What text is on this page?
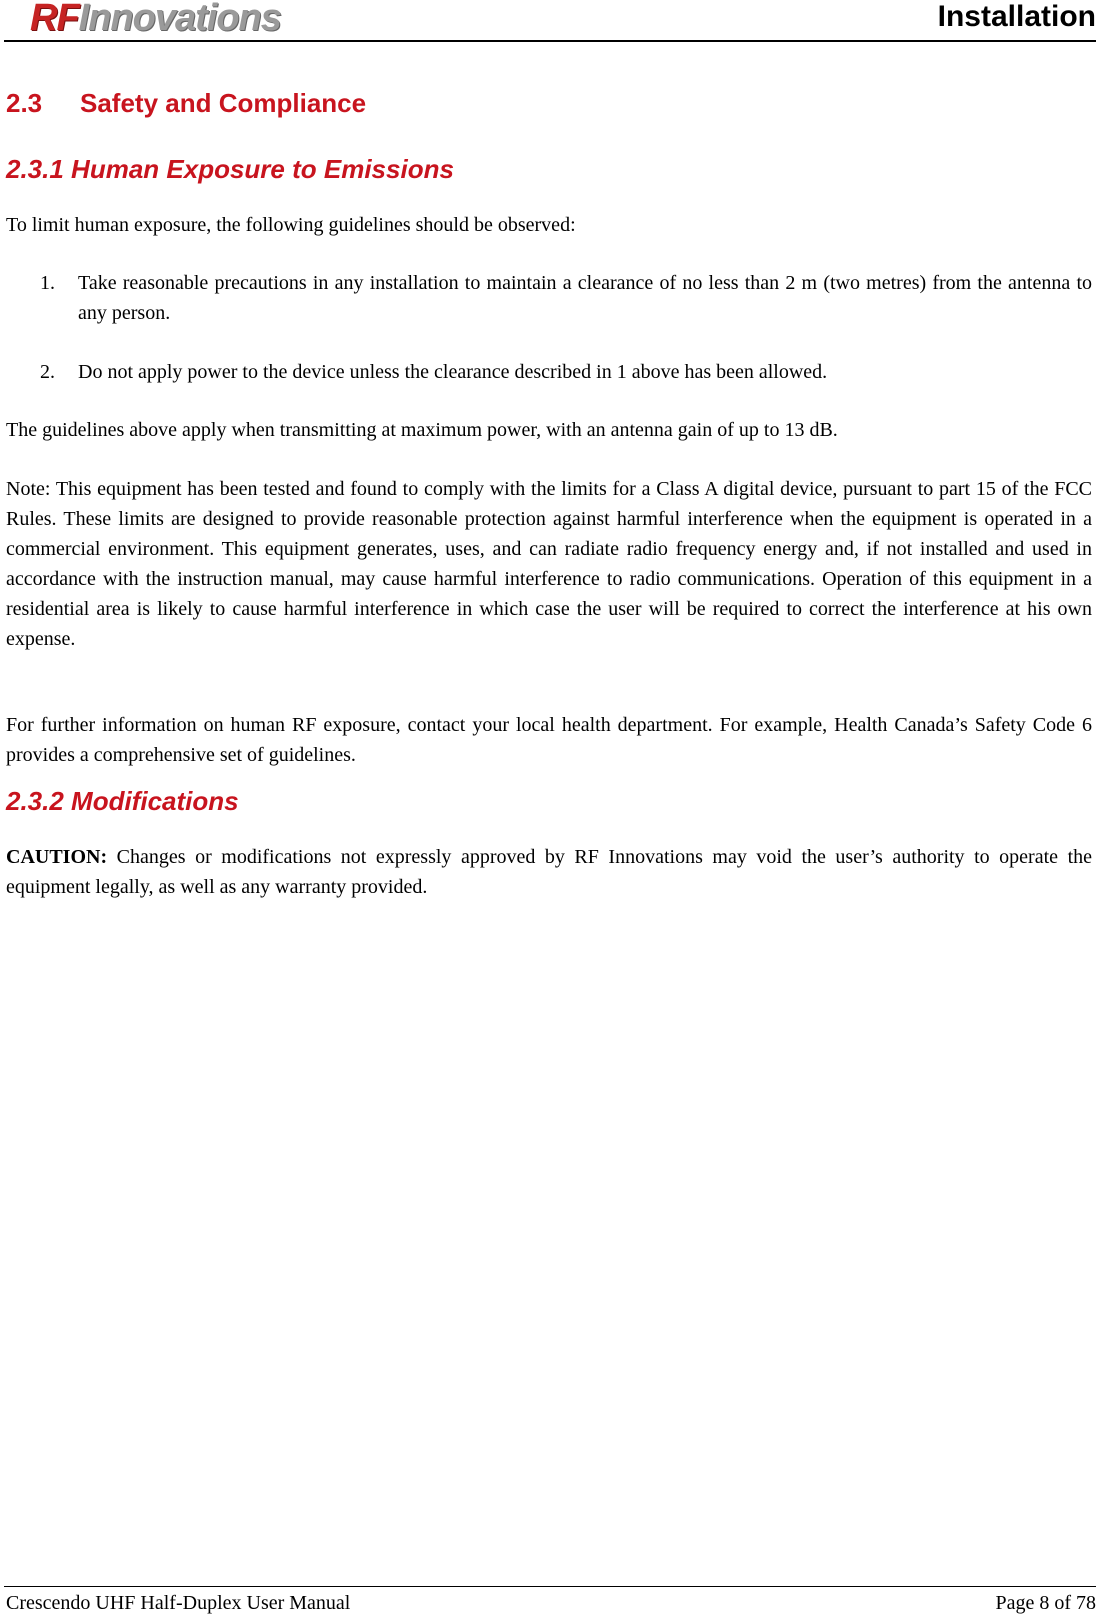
RFInnovations	Installation
2.3 Safety and Compliance
2.3.1 Human Exposure to Emissions

To limit human exposure, the following guidelines should be observed:

1. Take reasonable precautions in any installation to maintain a clearance of no less than 2 m (two metres) from the antenna to any person.
2. Do not apply power to the device unless the clearance described in 1 above has been allowed.

The guidelines above apply when transmitting at maximum power, with an antenna gain of up to 13 dB.

Note: This equipment has been tested and found to comply with the limits for a Class A digital device, pursuant to part 15 of the FCC Rules. These limits are designed to provide reasonable protection against harmful interference when the equipment is operated in a commercial environment. This equipment generates, uses, and can radiate radio frequency energy and, if not installed and used in accordance with the instruction manual, may cause harmful interference to radio communications. Operation of this equipment in a residential area is likely to cause harmful interference in which case the user will be required to correct the interference at his own expense.

For further information on human RF exposure, contact your local health department. For example, Health Canada’s Safety Code 6 provides a comprehensive set of guidelines.

2.3.2 Modifications

CAUTION: Changes or modifications not expressly approved by RF Innovations may void the user’s authority to operate the equipment legally, as well as any warranty provided.

Crescendo UHF Half-Duplex User Manual	Page 8 of 78
